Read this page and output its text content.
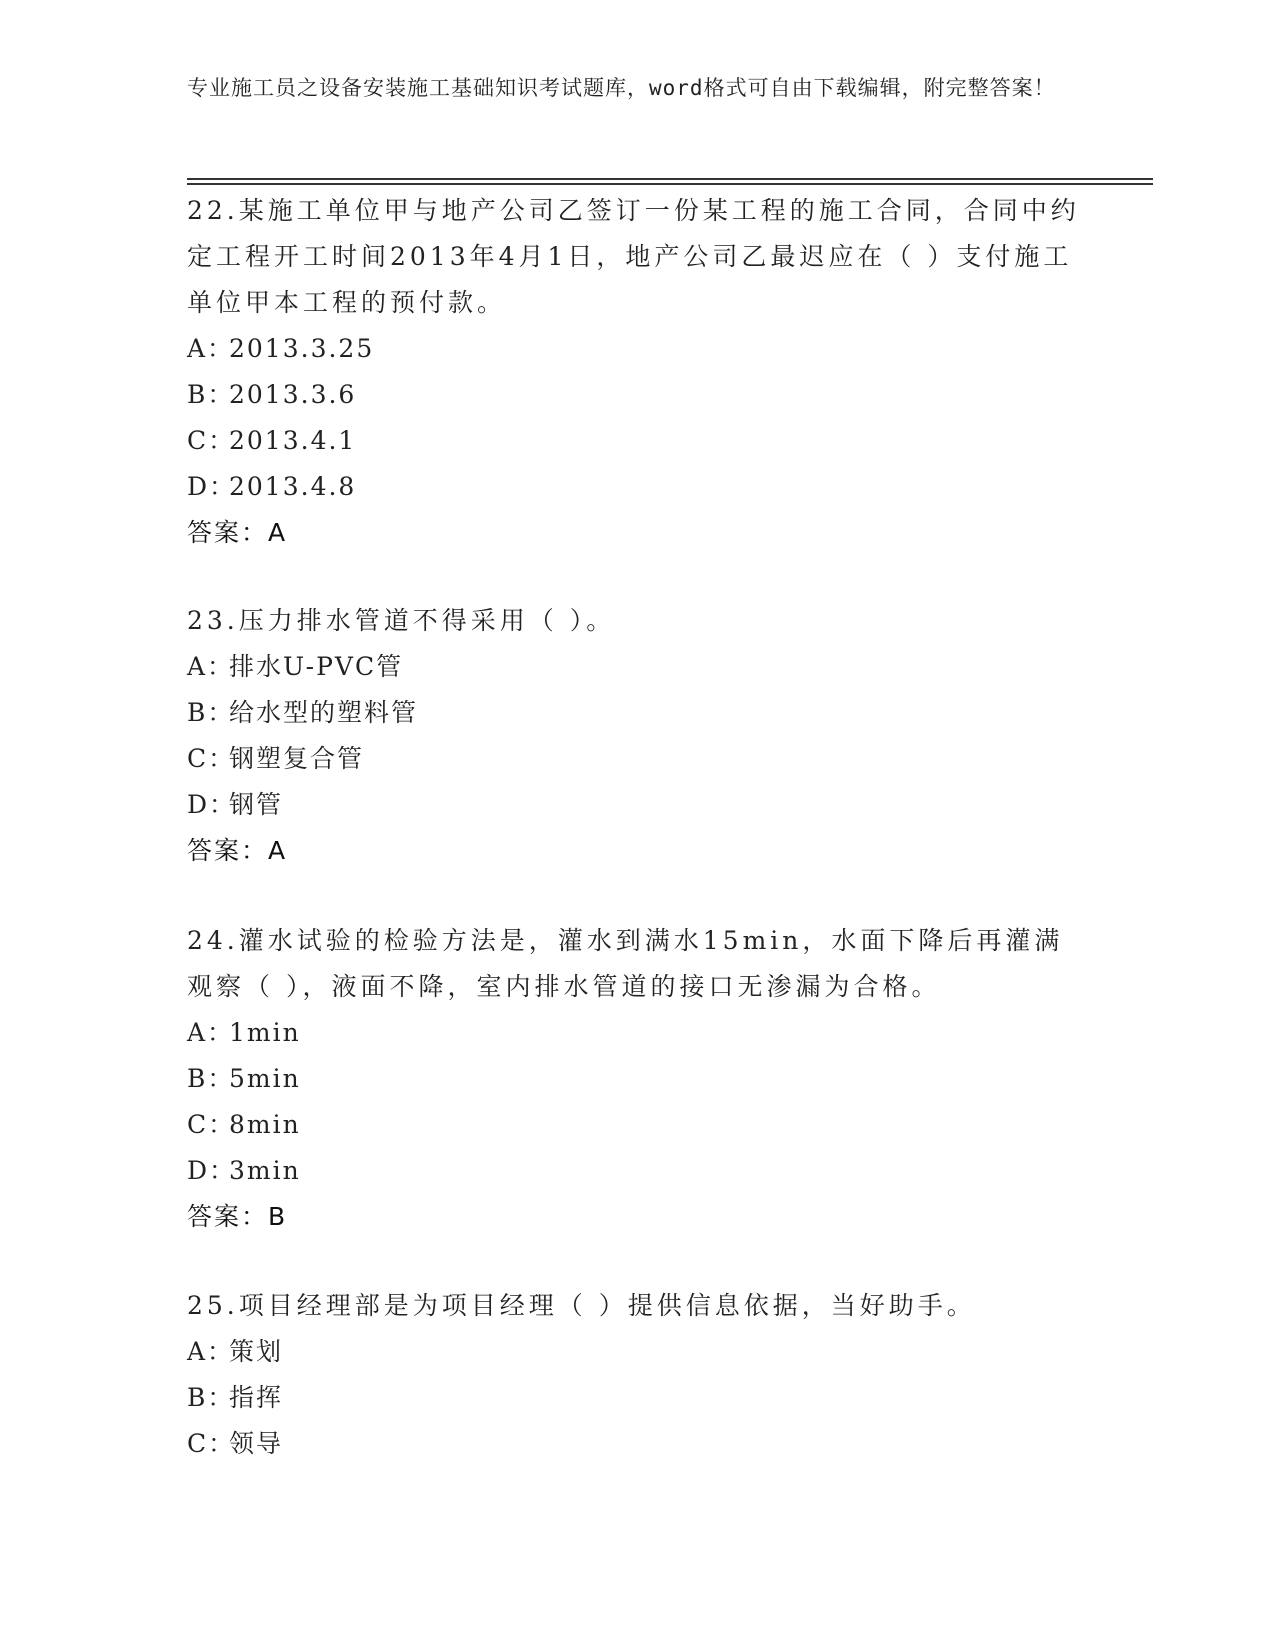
专业施工员之设备安装施工基础知识考试题库，word格式可自由下载编辑，附完整答案！
22.某施工单位甲与地产公司乙签订一份某工程的施工合同，合同中约定工程开工时间2013年4月1日，地产公司乙最迟应在（ ）支付施工单位甲本工程的预付款。
A：2013.3.25
B：2013.3.6
C：2013.4.1
D：2013.4.8
答案：A
23.压力排水管道不得采用（ ）。
A：排水U-PVC管
B：给水型的塑料管
C：钢塑复合管
D：钢管
答案：A
24.灌水试验的检验方法是，灌水到满水15min，水面下降后再灌满观察（ ），液面不降，室内排水管道的接口无渗漏为合格。
A：1min
B：5min
C：8min
D：3min
答案：B
25.项目经理部是为项目经理（ ）提供信息依据，当好助手。
A：策划
B：指挥
C：领导
